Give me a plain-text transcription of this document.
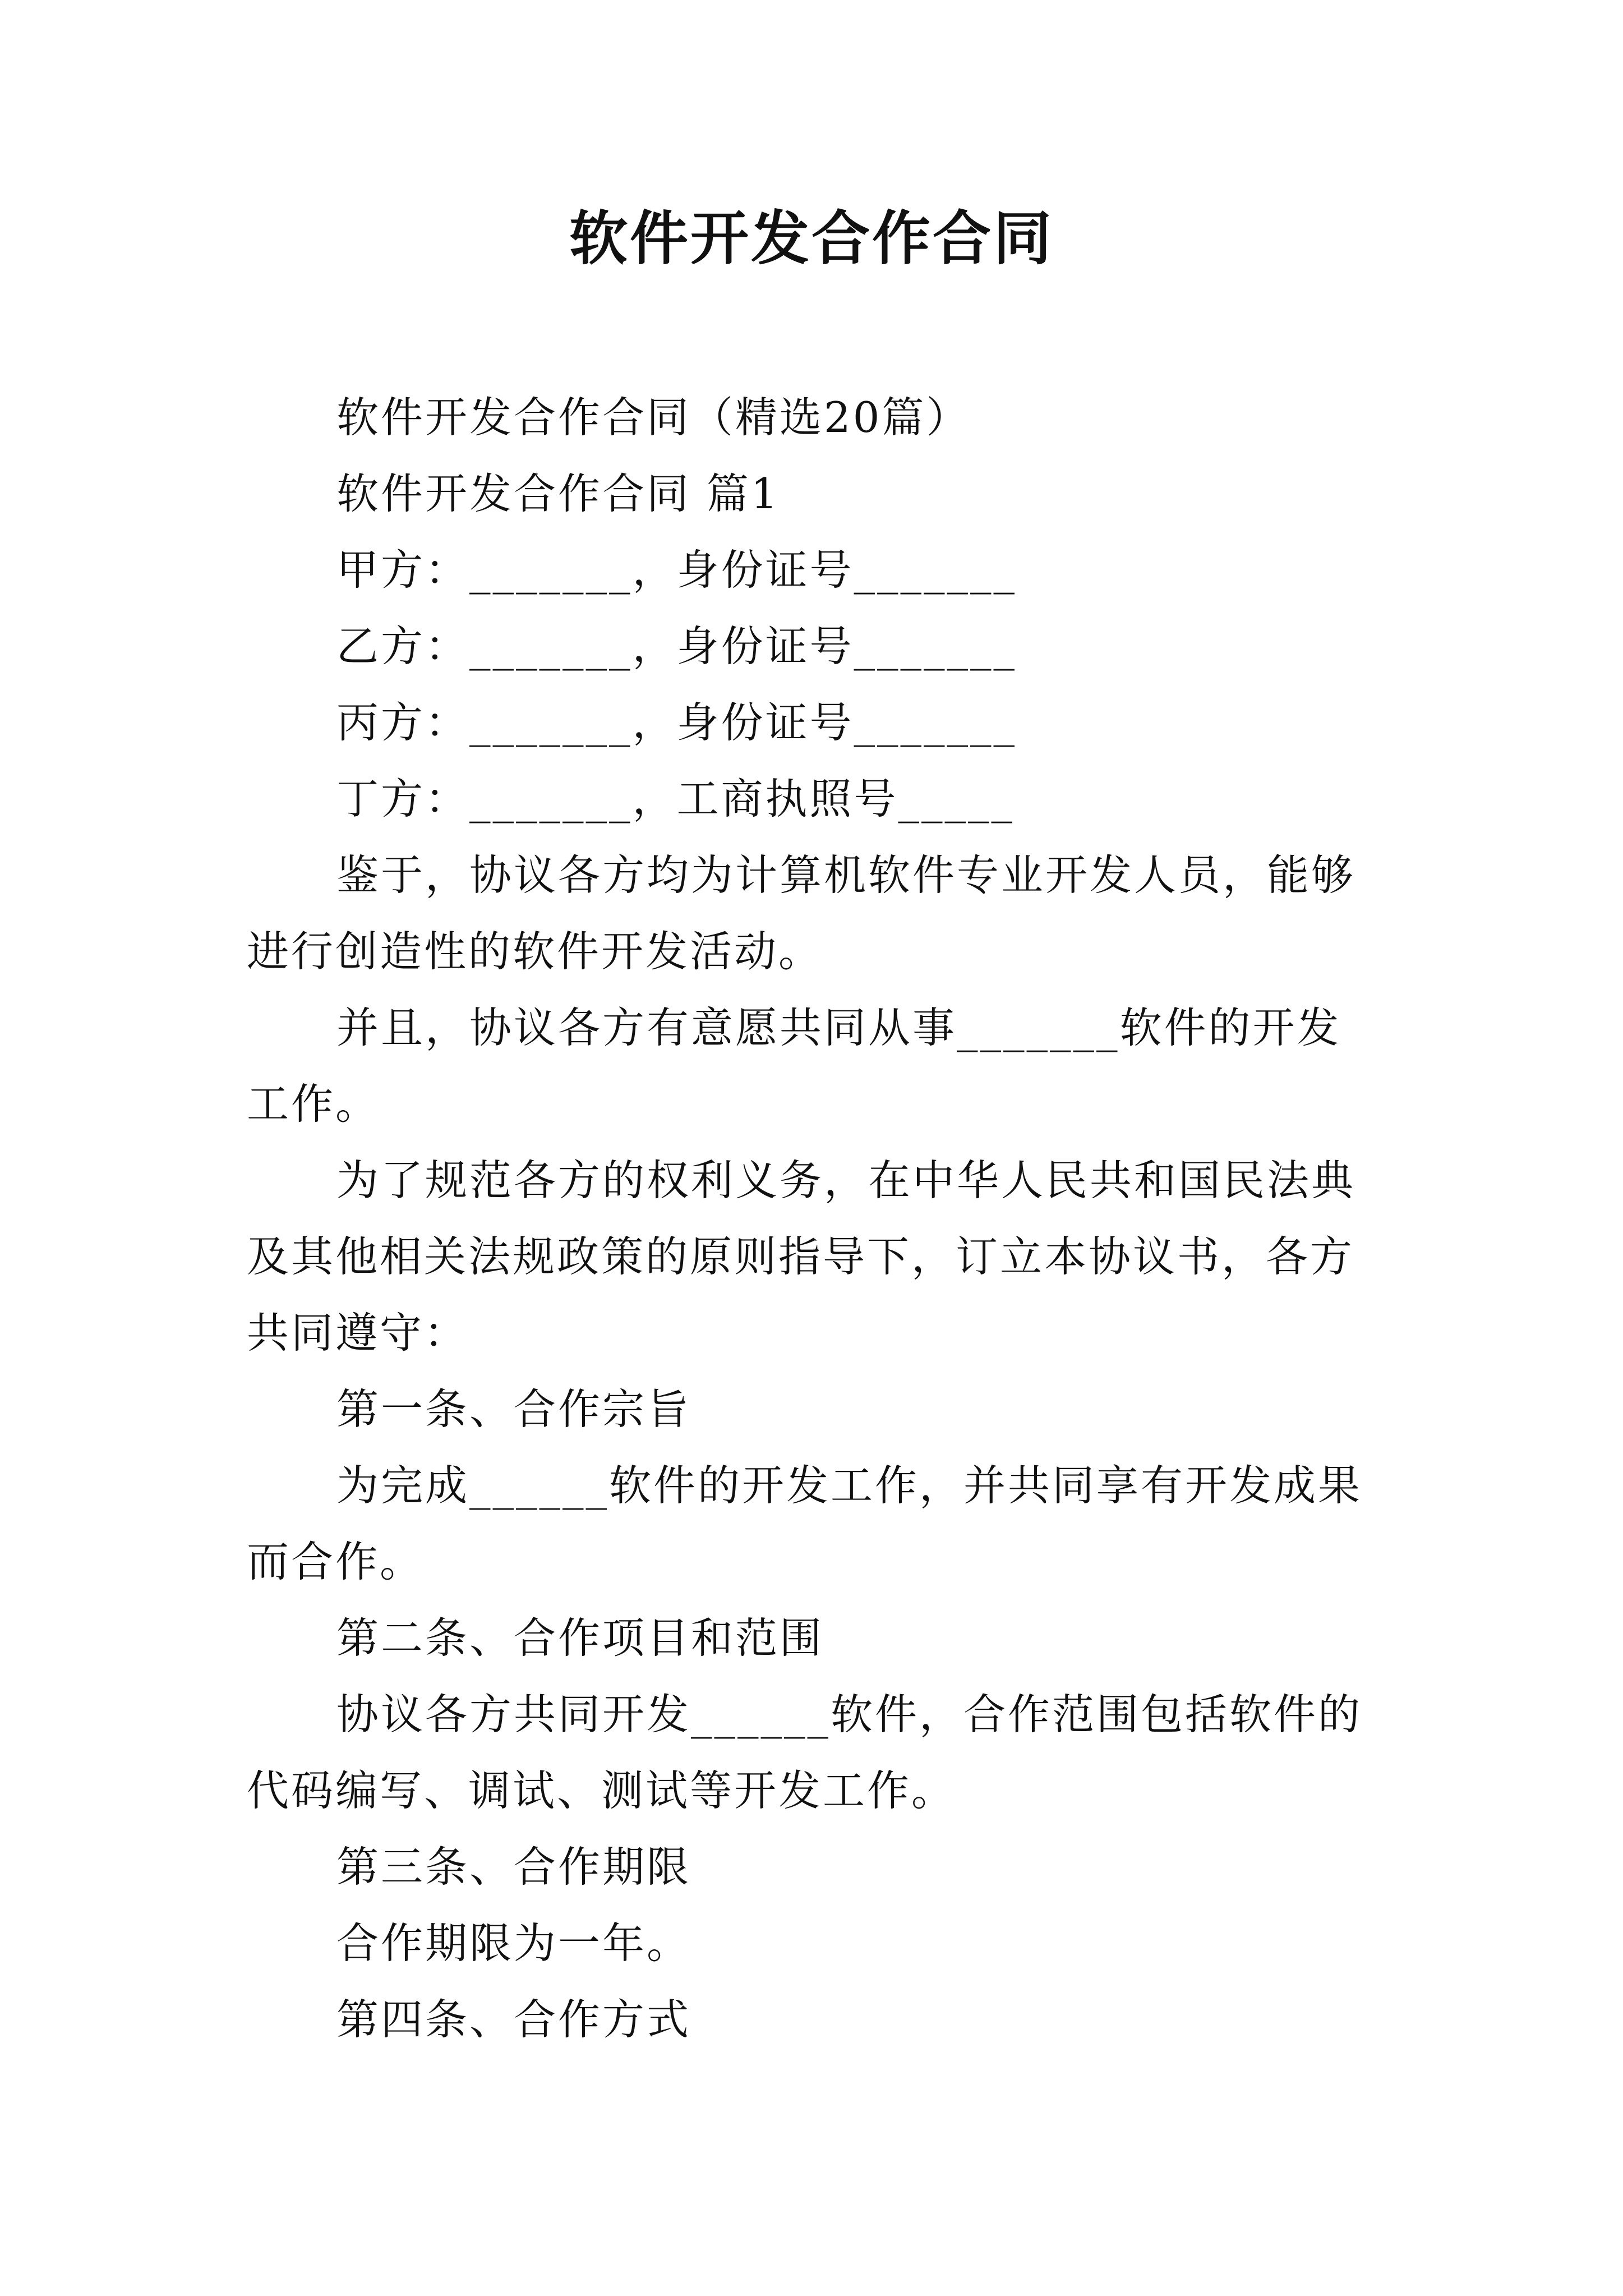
软件开发合作合同

软件开发合作合同（精选20篇）

软件开发合作合同 篇1

甲方：_______，身份证号_______

乙方：_______，身份证号_______

丙方：_______，身份证号_______

丁方：_______，工商执照号_____

鉴于，协议各方均为计算机软件专业开发人员，能够进行创造性的软件开发活动。

并且，协议各方有意愿共同从事_______软件的开发工作。

为了规范各方的权利义务，在中华人民共和国民法典及其他相关法规政策的原则指导下，订立本协议书，各方共同遵守：

第一条、合作宗旨

为完成______软件的开发工作，并共同享有开发成果而合作。

第二条、合作项目和范围

协议各方共同开发______软件，合作范围包括软件的代码编写、调试、测试等开发工作。

第三条、合作期限

合作期限为一年。

第四条、合作方式
